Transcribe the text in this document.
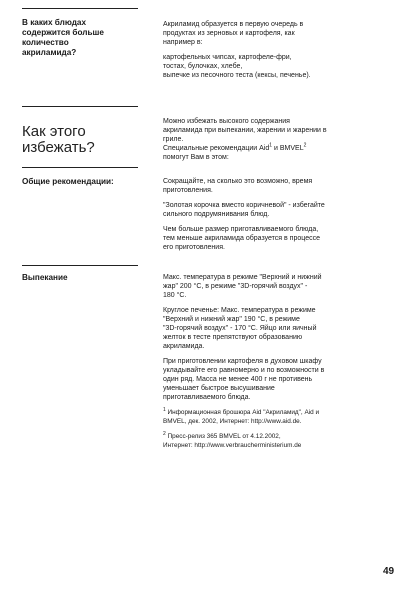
В каких блюдах
содержится больше
количество
акриламида?

Акриламид образуется в первую очередь в
продуктах из зерновых и картофеля, как
например в:

картофельных чипсах, картофеле-фри,
тостах, булочках, хлебе,
выпечке из песочного теста (кексы, печенье).

Как этого
избежать?

Можно избежать высокого содержания
акриламида при выпекании, жарении и жарении в
гриле.

Специальные рекомендации Aid$^1$ и BMVEL$^2$
помогут Вам в этом:

Общие рекомендации:	Сокращайте, на сколько это возможно, время
приготовления.

"Золотая корочка вместо коричневой" - избегайте
сильного подрумянивания блюд.

Чем больше размер приготавливаемого блюда,
тем меньше акриламида образуется в процессе
его приготовления.

Выпекание	Макс. температура в режиме "Верхний и нижний
жар" 200 °C, в режиме "3D-горячий воздух" -
180 °C.

Круглое печенье: Макс. температура в режиме
"Верхний и нижний жар" 190 °C, в режиме
"3D-горячий воздух" - 170 °C. Яйцо или яичный
желток в тесте препятствуют образованию
акриламида.

При приготовлении картофеля в духовом шкафу
укладывайте его равномерно и по возможности в
один ряд. Масса не менее 400 г не противень
уменьшает быстрое высушивание
приготавливаемого блюда.

$^1$ Информационная брошюра Aid "Акриламид", Aid и
BMVEL, дек. 2002, Интернет: http://www.aid.de.

$^2$ Пресс-релиз 365 BMVEL от 4.12.2002,
Интернет: http://www.verbraucherministerium.de

49
